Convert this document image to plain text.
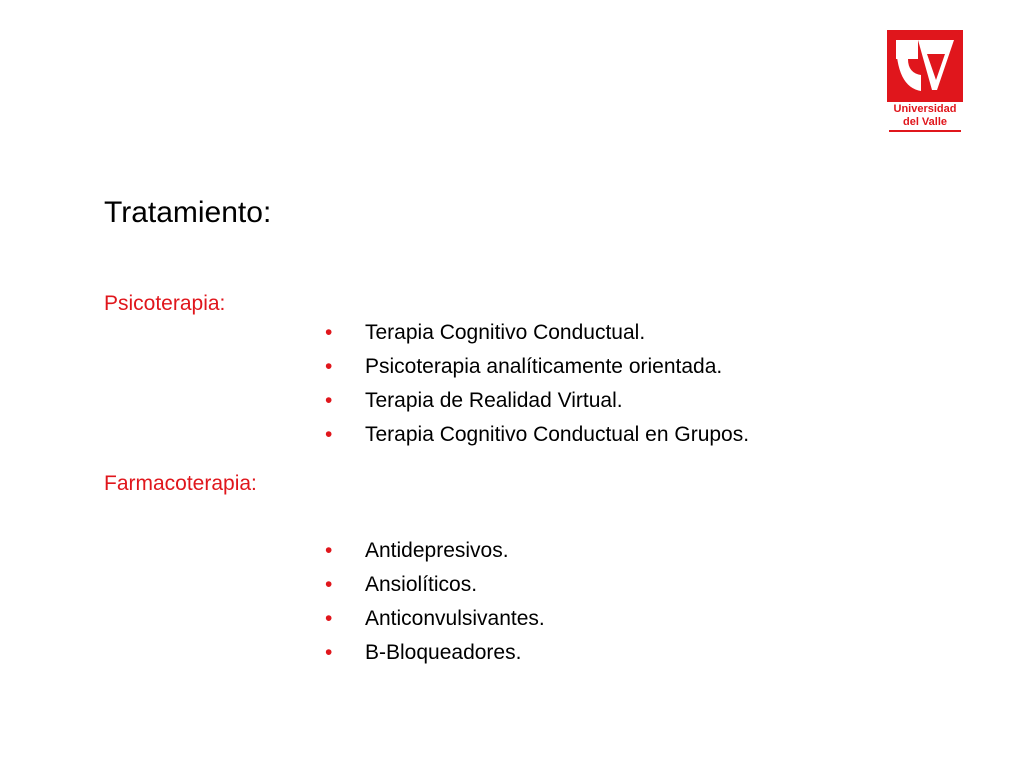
Universidad
del Valle
Tratamiento:
Psicoterapia:
• Terapia Cognitivo Conductual.
• Psicoterapia analíticamente orientada.
• Terapia de Realidad Virtual.
• Terapia Cognitivo Conductual en Grupos.
Farmacoterapia:
• Antidepresivos.
• Ansiolíticos.
• Anticonvulsivantes.
• B-Bloqueadores.
